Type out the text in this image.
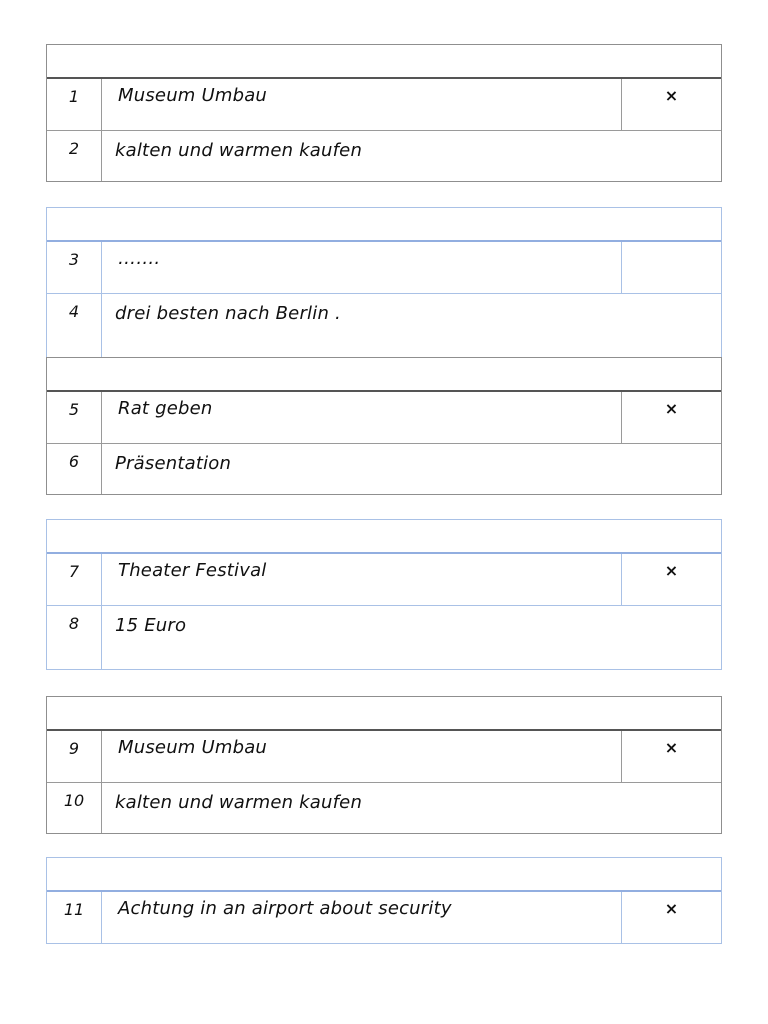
1	Museum Umbau	×
2	kalten und warmen kaufen
3	…….
4	drei besten nach Berlin .
5	Rat geben	×
6	Präsentation
7	Theater Festival	×
8	15 Euro
9	Museum Umbau	×
10	kalten und warmen kaufen
11	Achtung in an airport about security	×
